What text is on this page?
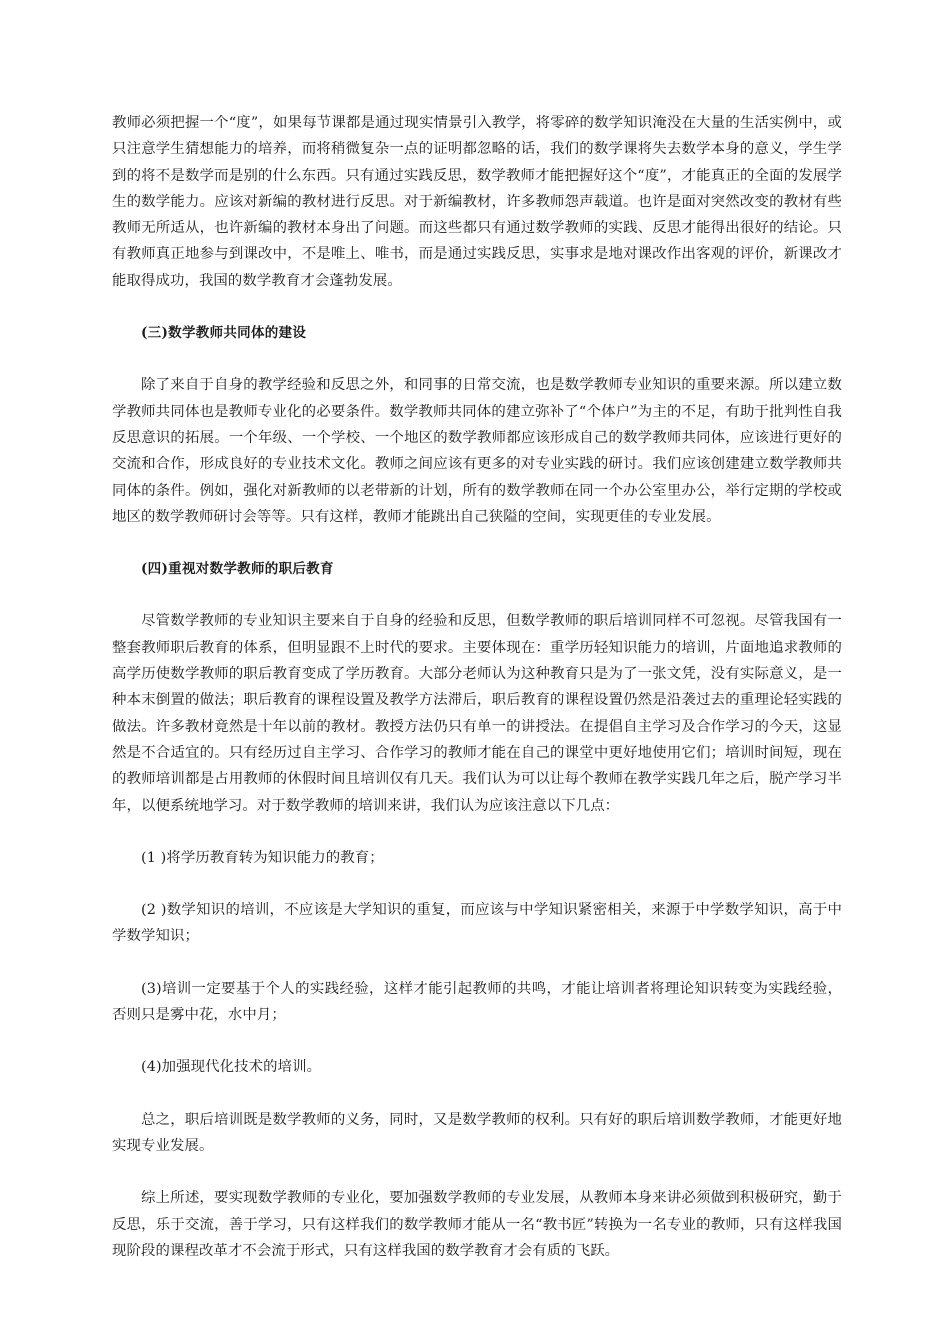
教师必须把握一个“度”，如果每节课都是通过现实情景引入教学，将零碎的数学知识淹没在大量的生活实例中，或只注意学生猜想能力的培养，而将稍微复杂一点的证明都忽略的话，我们的数学课将失去数学本身的意义，学生学到的将不是数学而是别的什么东西。只有通过实践反思，数学教师才能把握好这个“度”，才能真正的全面的发展学生的数学能力。应该对新编的教材进行反思。对于新编教材，许多教师怨声载道。也许是面对突然改变的教材有些教师无所适从，也许新编的教材本身出了问题。而这些都只有通过数学教师的实践、反思才能得出很好的结论。只有教师真正地参与到课改中，不是唯上、唯书，而是通过实践反思，实事求是地对课改作出客观的评价，新课改才能取得成功，我国的数学教育才会蓬勃发展。

(三)数学教师共同体的建设

除了来自于自身的教学经验和反思之外，和同事的日常交流，也是数学教师专业知识的重要来源。所以建立数学教师共同体也是教师专业化的必要条件。数学教师共同体的建立弥补了“个体户”为主的不足，有助于批判性自我反思意识的拓展。一个年级、一个学校、一个地区的数学教师都应该形成自己的数学教师共同体，应该进行更好的交流和合作，形成良好的专业技术文化。教师之间应该有更多的对专业实践的研讨。我们应该创建建立数学教师共同体的条件。例如，强化对新教师的以老带新的计划，所有的数学教师在同一个办公室里办公，举行定期的学校或地区的数学教师研讨会等等。只有这样，教师才能跳出自己狭隘的空间，实现更佳的专业发展。

(四)重视对数学教师的职后教育

尽管数学教师的专业知识主要来自于自身的经验和反思，但数学教师的职后培训同样不可忽视。尽管我国有一整套教师职后教育的体系，但明显跟不上时代的要求。主要体现在：重学历轻知识能力的培训，片面地追求教师的高学历使数学教师的职后教育变成了学历教育。大部分老师认为这种教育只是为了一张文凭，没有实际意义，是一种本末倒置的做法；职后教育的课程设置及教学方法滞后，职后教育的课程设置仍然是沿袭过去的重理论轻实践的做法。许多教材竟然是十年以前的教材。教授方法仍只有单一的讲授法。在提倡自主学习及合作学习的今天，这显然是不合适宜的。只有经历过自主学习、合作学习的教师才能在自己的课堂中更好地使用它们；培训时间短，现在的教师培训都是占用教师的休假时间且培训仅有几天。我们认为可以让每个教师在教学实践几年之后，脱产学习半年，以便系统地学习。对于数学教师的培训来讲，我们认为应该注意以下几点：

(1 )将学历教育转为知识能力的教育；

(2 )数学知识的培训，不应该是大学知识的重复，而应该与中学知识紧密相关，来源于中学数学知识，高于中学数学知识；

(3)培训一定要基于个人的实践经验，这样才能引起教师的共鸣，才能让培训者将理论知识转变为实践经验，否则只是雾中花，水中月；

(4)加强现代化技术的培训。

总之，职后培训既是数学教师的义务，同时，又是数学教师的权利。只有好的职后培训数学教师，才能更好地实现专业发展。

综上所述，要实现数学教师的专业化，要加强数学教师的专业发展，从教师本身来讲必须做到积极研究，勤于反思，乐于交流，善于学习，只有这样我们的数学教师才能从一名“教书匠”转换为一名专业的教师，只有这样我国现阶段的课程改革才不会流于形式，只有这样我国的数学教育才会有质的飞跃。
